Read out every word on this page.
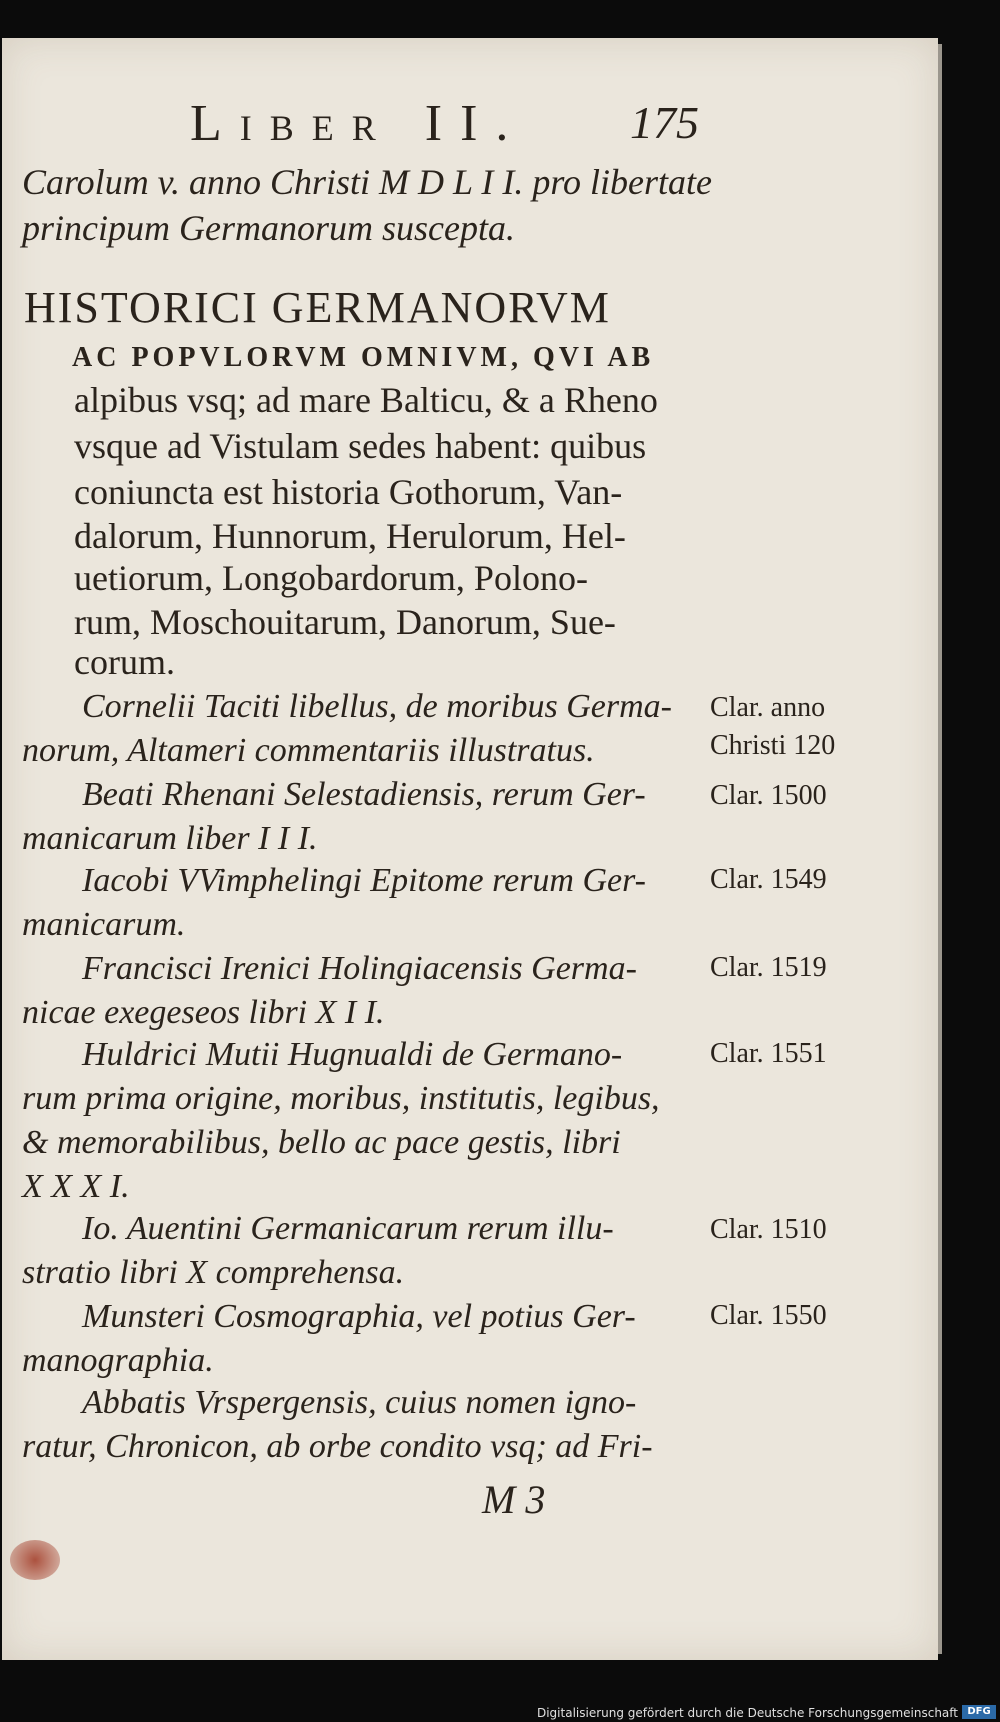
Liber II. 175
Carolum v. anno Christi M D L I I. pro libertate
principum Germanorum suscepta.
HISTORICI GERMANORVM
AC POPVLORVM OMNIVM, QVI AB
alpibus vsq; ad mare Balticu, & a Rheno
vsque ad Vistulam sedes habent: quibus
coniuncta est historia Gothorum, Van-
dalorum, Hunnorum, Herulorum, Hel-
uetiorum, Longobardorum, Polono-
rum, Moschouitarum, Danorum, Sue-
corum.
Cornelii Taciti libellus, de moribus Germa-
norum, Altameri commentariis illustratus.
Clar. anno
Christi 120
Beati Rhenani Selestadiensis, rerum Ger-
manicarum liber I I I.
Clar. 1500
Iacobi VVimphelingi Epitome rerum Ger-
manicarum.
Clar. 1549
Francisci Irenici Holingiacensis Germa-
nicae exegeseos libri X I I.
Clar. 1519
Huldrici Mutii Hugnualdi de Germano-
rum prima origine, moribus, institutis, legibus,
& memorabilibus, bello ac pace gestis, libri
X X X I.
Clar. 1551
Io. Auentini Germanicarum rerum illu-
stratio libri X comprehensa.
Clar. 1510
Munsteri Cosmographia, vel potius Ger-
manographia.
Clar. 1550
Abbatis Vrspergensis, cuius nomen igno-
ratur, Chronicon, ab orbe condito vsq; ad Fri-
M 3
Digitalisierung gefördert durch die Deutsche Forschungsgemeinschaft DFG
